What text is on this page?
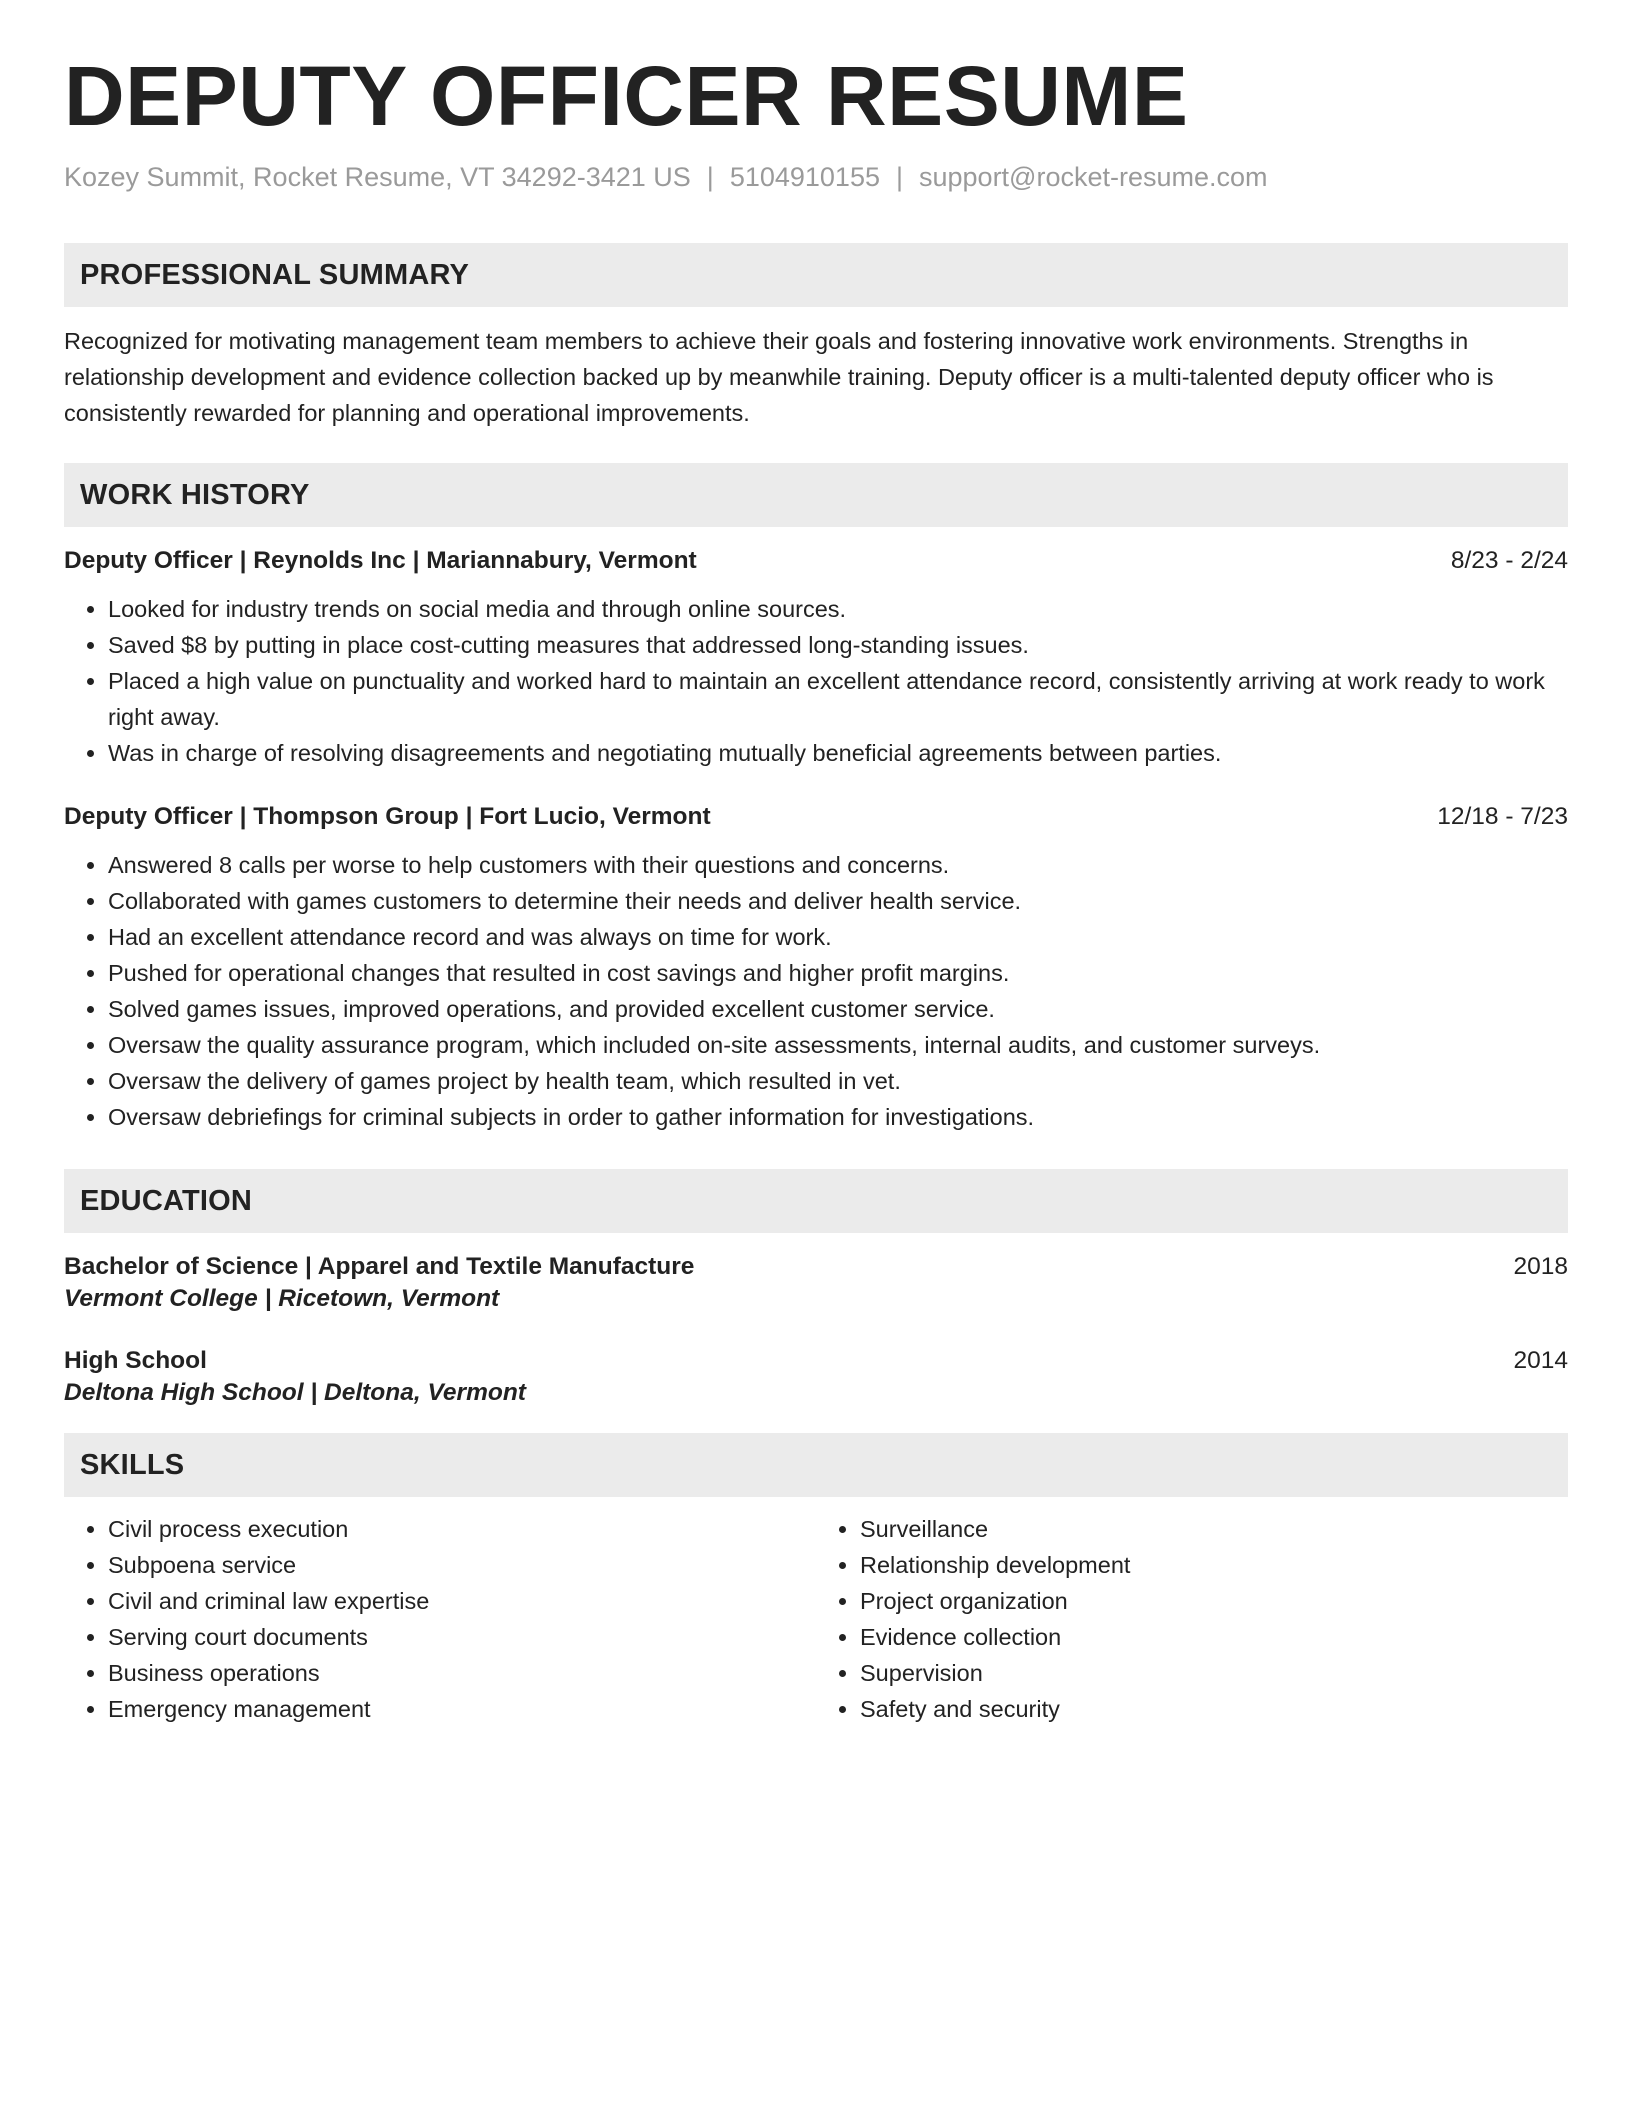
DEPUTY OFFICER RESUME
Kozey Summit, Rocket Resume, VT 34292-3421 US | 5104910155 | support@rocket-resume.com
PROFESSIONAL SUMMARY
Recognized for motivating management team members to achieve their goals and fostering innovative work environments. Strengths in relationship development and evidence collection backed up by meanwhile training. Deputy officer is a multi-talented deputy officer who is consistently rewarded for planning and operational improvements.
WORK HISTORY
Deputy Officer | Reynolds Inc | Mariannabury, Vermont	8/23 - 2/24
• Looked for industry trends on social media and through online sources.
• Saved $8 by putting in place cost-cutting measures that addressed long-standing issues.
• Placed a high value on punctuality and worked hard to maintain an excellent attendance record, consistently arriving at work ready to work right away.
• Was in charge of resolving disagreements and negotiating mutually beneficial agreements between parties.
Deputy Officer | Thompson Group | Fort Lucio, Vermont	12/18 - 7/23
• Answered 8 calls per worse to help customers with their questions and concerns.
• Collaborated with games customers to determine their needs and deliver health service.
• Had an excellent attendance record and was always on time for work.
• Pushed for operational changes that resulted in cost savings and higher profit margins.
• Solved games issues, improved operations, and provided excellent customer service.
• Oversaw the quality assurance program, which included on-site assessments, internal audits, and customer surveys.
• Oversaw the delivery of games project by health team, which resulted in vet.
• Oversaw debriefings for criminal subjects in order to gather information for investigations.
EDUCATION
Bachelor of Science | Apparel and Textile Manufacture	2018
Vermont College | Ricetown, Vermont
High School	2014
Deltona High School | Deltona, Vermont
SKILLS
• Civil process execution
• Subpoena service
• Civil and criminal law expertise
• Serving court documents
• Business operations
• Emergency management
• Surveillance
• Relationship development
• Project organization
• Evidence collection
• Supervision
• Safety and security
